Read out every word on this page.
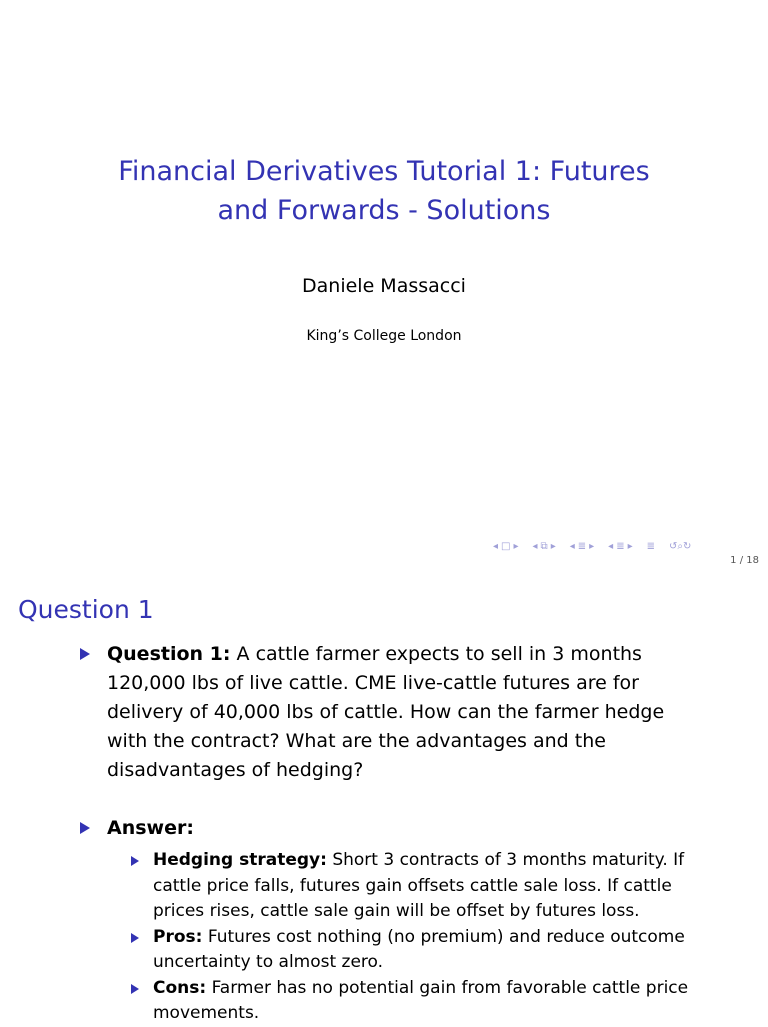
Financial Derivatives Tutorial 1: Futures and Forwards - Solutions
Daniele Massacci
King’s College London
◂ □ ▸ ◂ ⧉ ▸ ◂ ≣ ▸ ◂ ≣ ▸ ≣ ↺⌕↻
1 / 18
Question 1
Question 1: A cattle farmer expects to sell in 3 months 120,000 lbs of live cattle. CME live-cattle futures are for delivery of 40,000 lbs of cattle. How can the farmer hedge with the contract? What are the advantages and the disadvantages of hedging?
Answer:
Hedging strategy: Short 3 contracts of 3 months maturity. If cattle price falls, futures gain offsets cattle sale loss. If cattle prices rises, cattle sale gain will be offset by futures loss.
Pros: Futures cost nothing (no premium) and reduce outcome uncertainty to almost zero.
Cons: Farmer has no potential gain from favorable cattle price movements.
